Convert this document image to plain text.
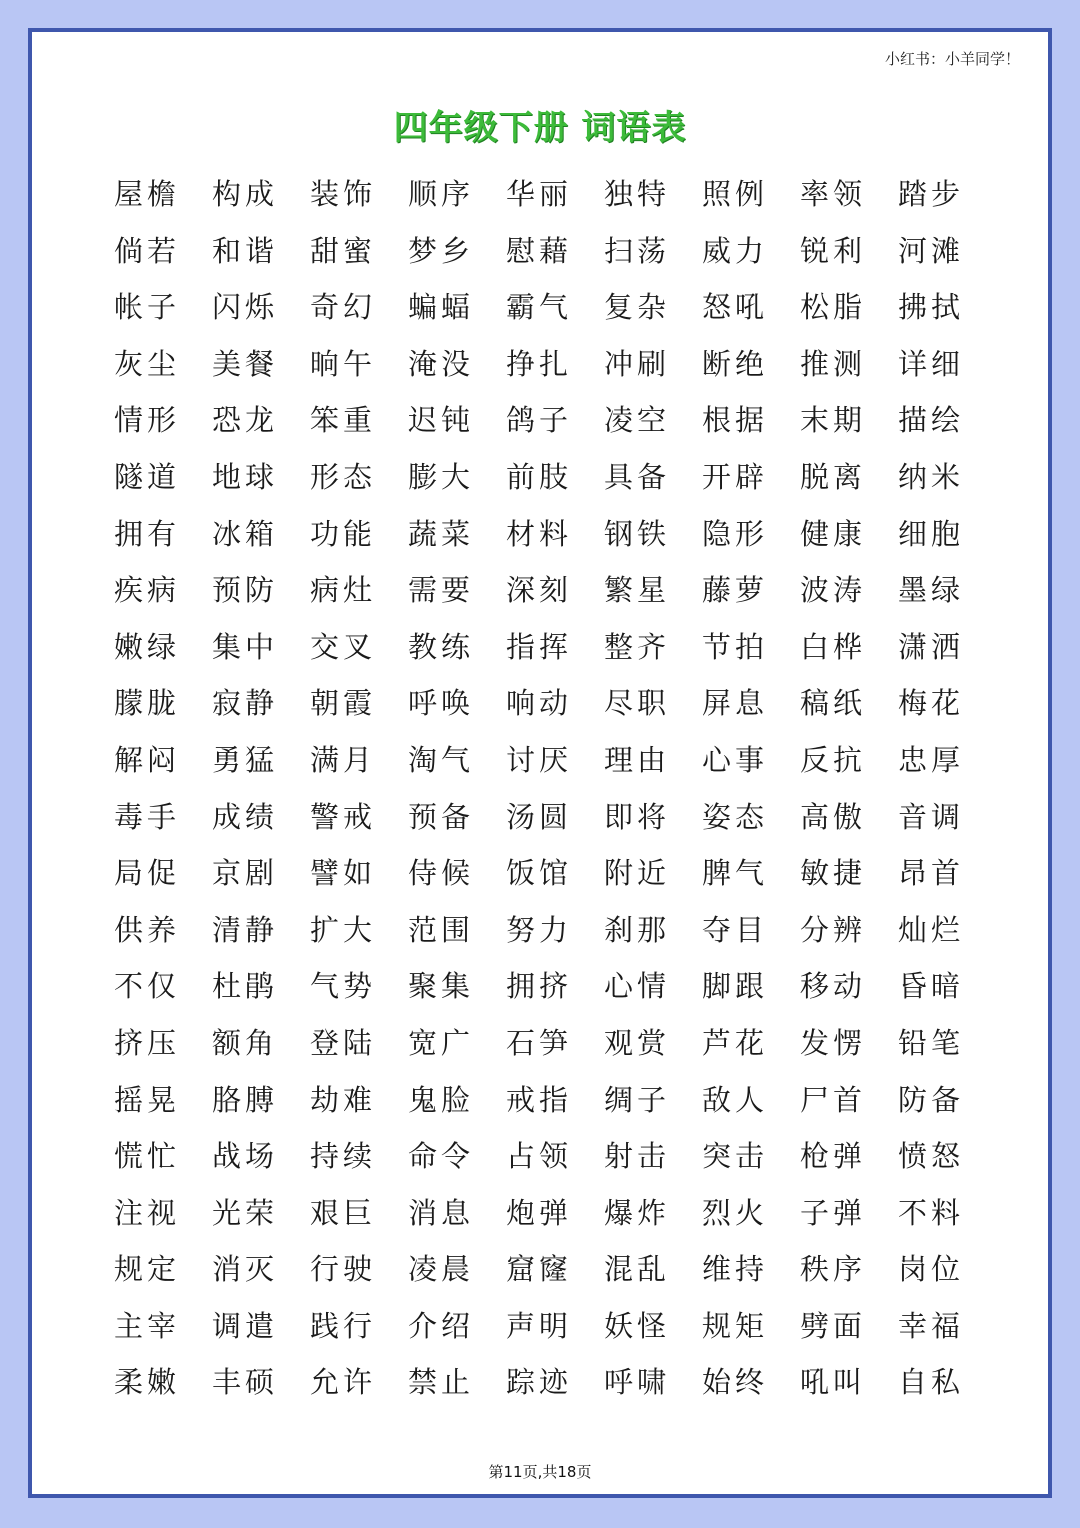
小红书：小羊同学！
四年级下册 词语表
屋檐	构成	装饰	顺序	华丽	独特	照例	率领	踏步
倘若	和谐	甜蜜	梦乡	慰藉	扫荡	威力	锐利	河滩
帐子	闪烁	奇幻	蝙蝠	霸气	复杂	怒吼	松脂	拂拭
灰尘	美餐	晌午	淹没	挣扎	冲刷	断绝	推测	详细
情形	恐龙	笨重	迟钝	鸽子	凌空	根据	末期	描绘
隧道	地球	形态	膨大	前肢	具备	开辟	脱离	纳米
拥有	冰箱	功能	蔬菜	材料	钢铁	隐形	健康	细胞
疾病	预防	病灶	需要	深刻	繁星	藤萝	波涛	墨绿
嫩绿	集中	交叉	教练	指挥	整齐	节拍	白桦	潇洒
朦胧	寂静	朝霞	呼唤	响动	尽职	屏息	稿纸	梅花
解闷	勇猛	满月	淘气	讨厌	理由	心事	反抗	忠厚
毒手	成绩	警戒	预备	汤圆	即将	姿态	高傲	音调
局促	京剧	譬如	侍候	饭馆	附近	脾气	敏捷	昂首
供养	清静	扩大	范围	努力	刹那	夺目	分辨	灿烂
不仅	杜鹃	气势	聚集	拥挤	心情	脚跟	移动	昏暗
挤压	额角	登陆	宽广	石笋	观赏	芦花	发愣	铅笔
摇晃	胳膊	劫难	鬼脸	戒指	绸子	敌人	尸首	防备
慌忙	战场	持续	命令	占领	射击	突击	枪弹	愤怒
注视	光荣	艰巨	消息	炮弹	爆炸	烈火	子弹	不料
规定	消灭	行驶	凌晨	窟窿	混乱	维持	秩序	岗位
主宰	调遣	践行	介绍	声明	妖怪	规矩	劈面	幸福
柔嫩	丰硕	允许	禁止	踪迹	呼啸	始终	吼叫	自私
第11页,共18页
